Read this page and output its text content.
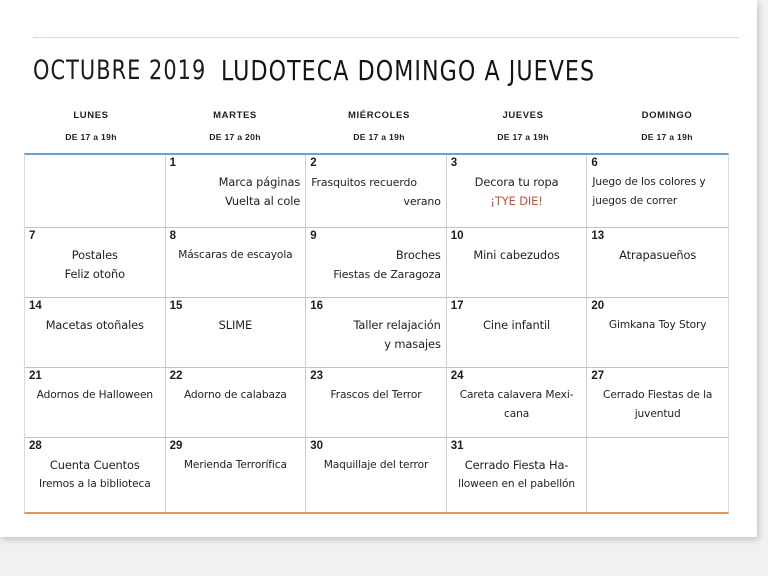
OCTUBRE 2019 LUDOTECA DOMINGO A JUEVES
LUNES
DE 17 a 19h
MARTES
DE 17 a 20h
MIÉRCOLES
DE 17 a 19h
JUEVES
DE 17 a 19h
DOMINGO
DE 17 a 19h
1
Marca páginas
Vuelta al cole
2
Frasquitos recuerdo
verano
3
Decora tu ropa
¡TYE DIE!
6
Juego de los colores y
juegos de correr
7
Postales
Feliz otoño
8
Máscaras de escayola
9
Broches
Fiestas de Zaragoza
10
Mini cabezudos
13
Atrapasueños
14
Macetas otoñales
15
SLIME
16
Taller relajación
y masajes
17
Cine infantil
20
Gimkana Toy Story
21
Adornos de Halloween
22
Adorno de calabaza
23
Frascos del Terror
24
Careta calavera Mexi-
cana
27
Cerrado Fiestas de la
juventud
28
Cuenta Cuentos
Iremos a la biblioteca
29
Merienda Terrorífica
30
Maquillaje del terror
31
Cerrado Fiesta Ha-
lloween en el pabellón
